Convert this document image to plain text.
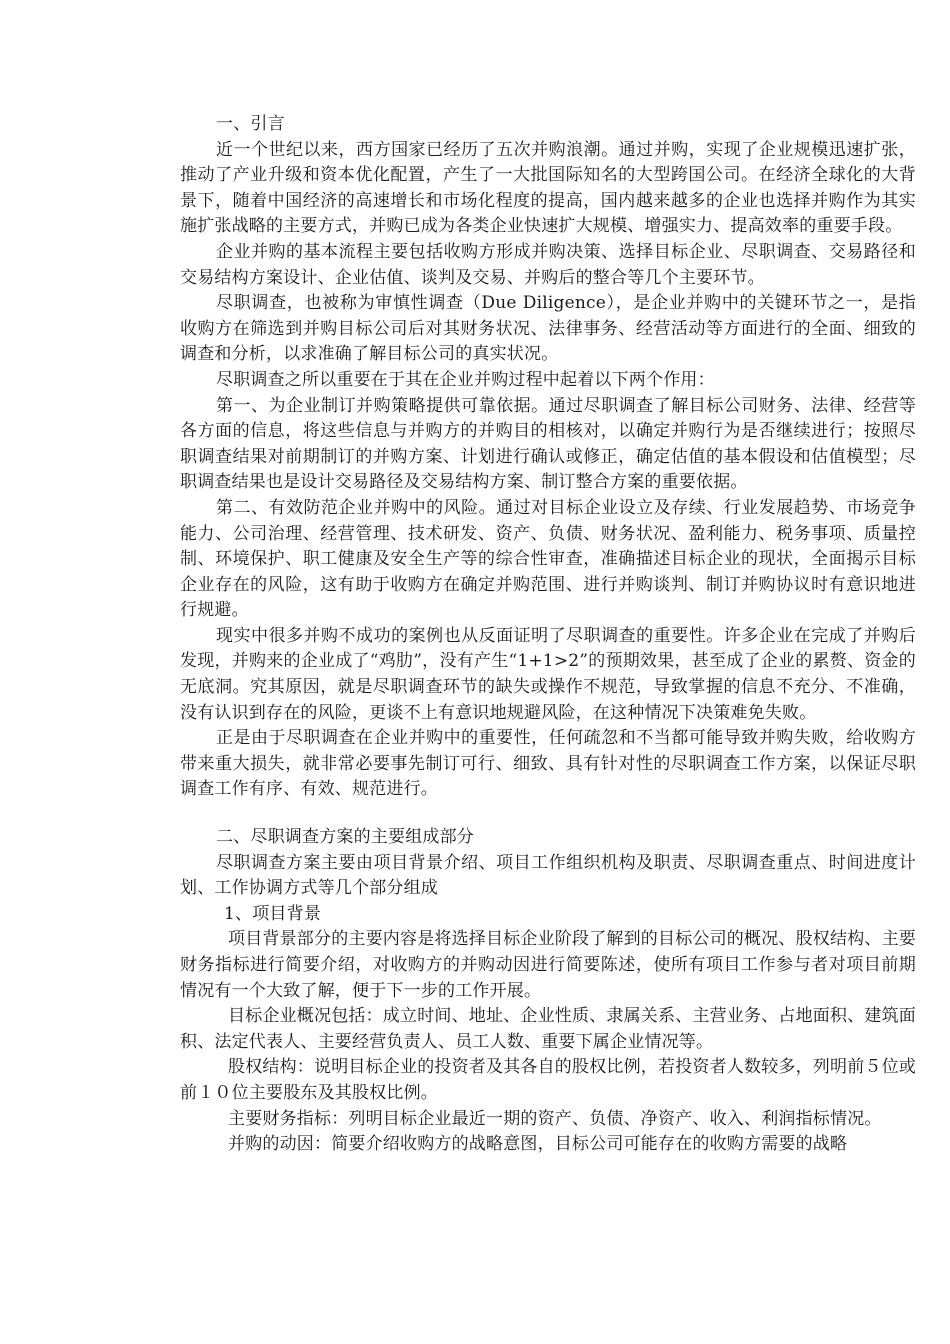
一、引言

近一个世纪以来，西方国家已经历了五次并购浪潮。通过并购，实现了企业规模迅速扩张，推动了产业升级和资本优化配置，产生了一大批国际知名的大型跨国公司。在经济全球化的大背景下，随着中国经济的高速增长和市场化程度的提高，国内越来越多的企业也选择并购作为其实施扩张战略的主要方式，并购已成为各类企业快速扩大规模、增强实力、提高效率的重要手段。

企业并购的基本流程主要包括收购方形成并购决策、选择目标企业、尽职调查、交易路径和交易结构方案设计、企业估值、谈判及交易、并购后的整合等几个主要环节。

尽职调查，也被称为审慎性调查（Due Diligence），是企业并购中的关键环节之一，是指收购方在筛选到并购目标公司后对其财务状况、法律事务、经营活动等方面进行的全面、细致的调查和分析，以求准确了解目标公司的真实状况。

尽职调查之所以重要在于其在企业并购过程中起着以下两个作用：

第一、为企业制订并购策略提供可靠依据。通过尽职调查了解目标公司财务、法律、经营等各方面的信息，将这些信息与并购方的并购目的相核对，以确定并购行为是否继续进行；按照尽职调查结果对前期制订的并购方案、计划进行确认或修正，确定估值的基本假设和估值模型；尽职调查结果也是设计交易路径及交易结构方案、制订整合方案的重要依据。

第二、有效防范企业并购中的风险。通过对目标企业设立及存续、行业发展趋势、市场竞争能力、公司治理、经营管理、技术研发、资产、负债、财务状况、盈利能力、税务事项、质量控制、环境保护、职工健康及安全生产等的综合性审查，准确描述目标企业的现状，全面揭示目标企业存在的风险，这有助于收购方在确定并购范围、进行并购谈判、制订并购协议时有意识地进行规避。

现实中很多并购不成功的案例也从反面证明了尽职调查的重要性。许多企业在完成了并购后发现，并购来的企业成了“鸡肋”，没有产生“1+1>2”的预期效果，甚至成了企业的累赘、资金的无底洞。究其原因，就是尽职调查环节的缺失或操作不规范，导致掌握的信息不充分、不准确，没有认识到存在的风险，更谈不上有意识地规避风险，在这种情况下决策难免失败。

正是由于尽职调查在企业并购中的重要性，任何疏忽和不当都可能导致并购失败，给收购方带来重大损失，就非常必要事先制订可行、细致、具有针对性的尽职调查工作方案，以保证尽职调查工作有序、有效、规范进行。

二、尽职调查方案的主要组成部分

尽职调查方案主要由项目背景介绍、项目工作组织机构及职责、尽职调查重点、时间进度计划、工作协调方式等几个部分组成

1、项目背景

项目背景部分的主要内容是将选择目标企业阶段了解到的目标公司的概况、股权结构、主要财务指标进行简要介绍，对收购方的并购动因进行简要陈述，使所有项目工作参与者对项目前期情况有一个大致了解，便于下一步的工作开展。

目标企业概况包括：成立时间、地址、企业性质、隶属关系、主营业务、占地面积、建筑面积、法定代表人、主要经营负责人、员工人数、重要下属企业情况等。

股权结构：说明目标企业的投资者及其各自的股权比例，若投资者人数较多，列明前５位或前１０位主要股东及其股权比例。

主要财务指标：列明目标企业最近一期的资产、负债、净资产、收入、利润指标情况。

并购的动因：简要介绍收购方的战略意图，目标公司可能存在的收购方需要的战略
